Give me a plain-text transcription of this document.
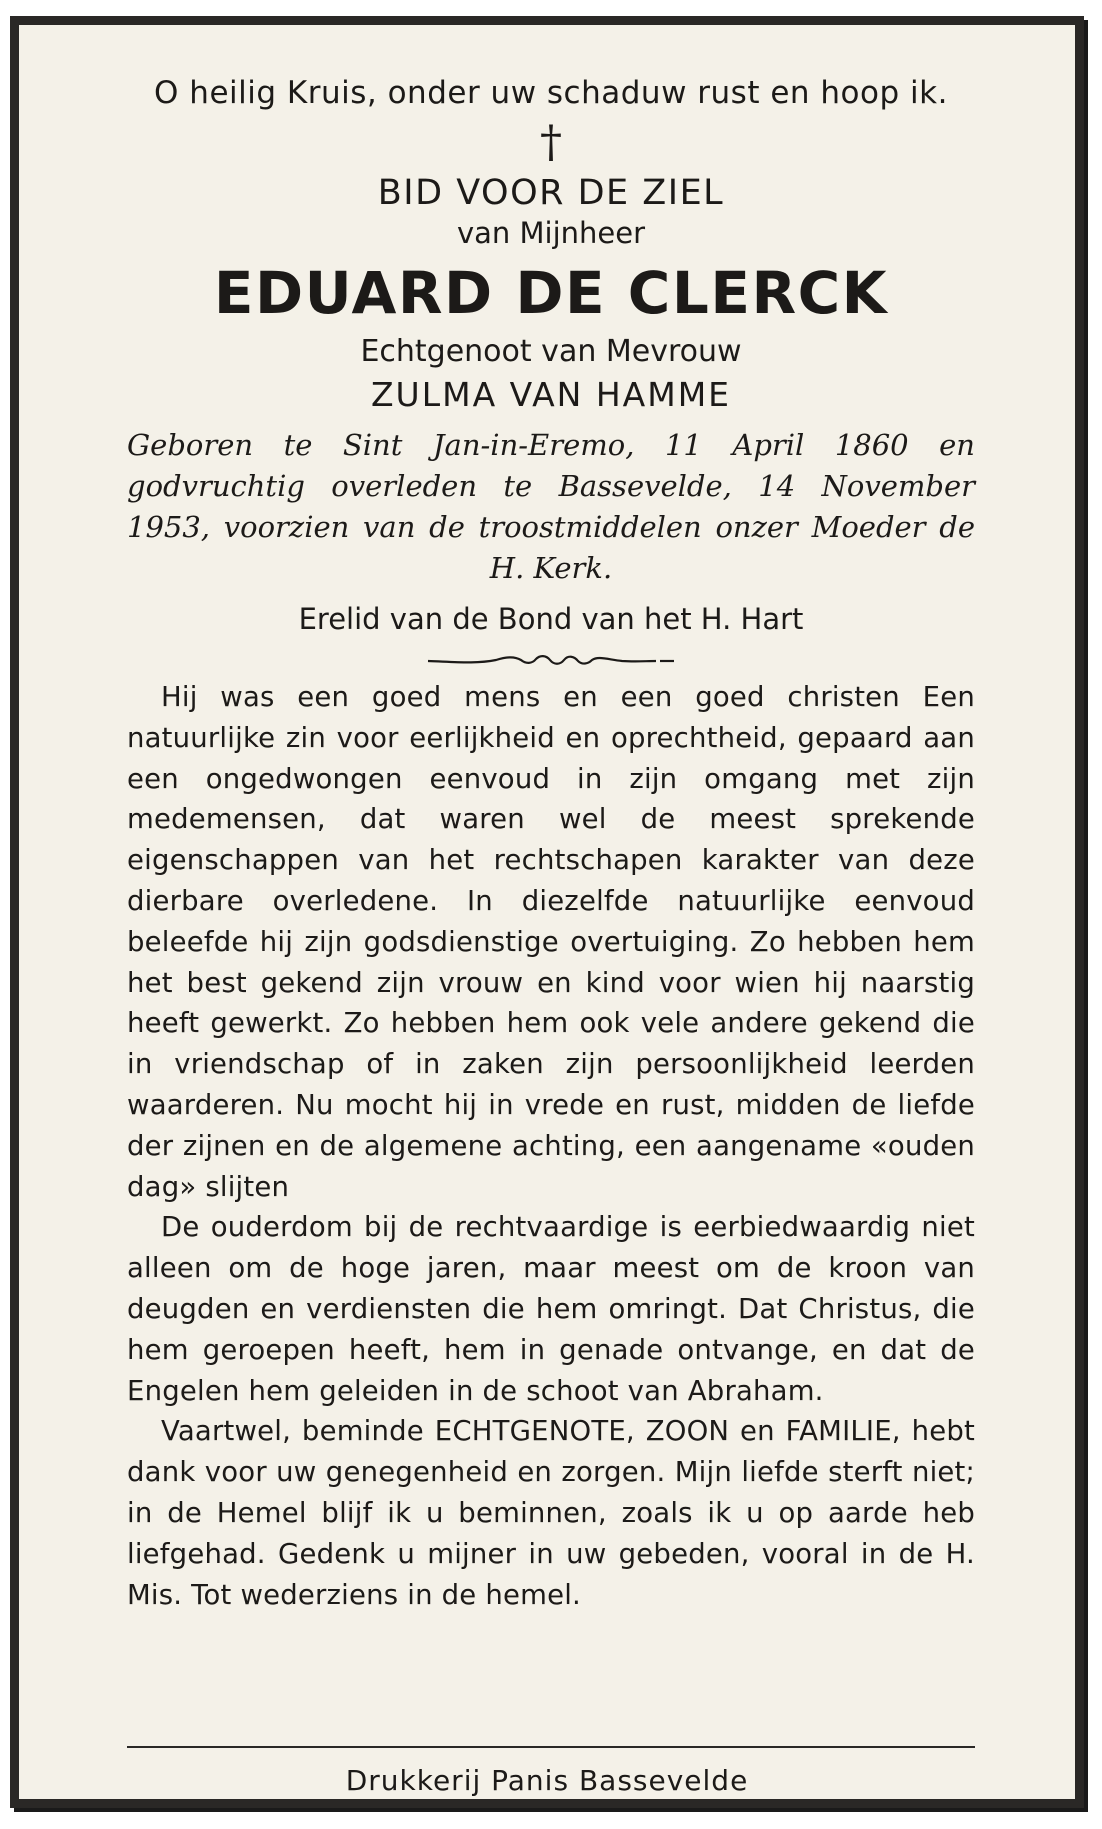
O heilig Kruis, onder uw schaduw rust en hoop ik.
†
BID VOOR DE ZIEL
van Mijnheer
EDUARD DE CLERCK
Echtgenoot van Mevrouw
ZULMA VAN HAMME
Geboren te Sint Jan-in-Eremo, 11 April 1860 en godvruchtig overleden te Bassevelde, 14 November 1953, voorzien van de troostmiddelen onzer Moeder de H. Kerk.
Erelid van de Bond van het H. Hart

Hij was een goed mens en een goed christen Een natuurlijke zin voor eerlijkheid en oprechtheid, gepaard aan een ongedwongen eenvoud in zijn omgang met zijn medemensen, dat waren wel de meest sprekende eigenschappen van het rechtschapen karakter van deze dierbare overledene. In diezelfde natuurlijke eenvoud beleefde hij zijn godsdienstige overtuiging. Zo hebben hem het best gekend zijn vrouw en kind voor wien hij naarstig heeft gewerkt. Zo hebben hem ook vele andere gekend die in vriendschap of in zaken zijn persoonlijkheid leerden waarderen. Nu mocht hij in vrede en rust, midden de liefde der zijnen en de algemene achting, een aangename «ouden dag» slijten

De ouderdom bij de rechtvaardige is eerbiedwaardig niet alleen om de hoge jaren, maar meest om de kroon van deugden en verdiensten die hem omringt. Dat Christus, die hem geroepen heeft, hem in genade ontvange, en dat de Engelen hem geleiden in de schoot van Abraham.

Vaartwel, beminde ECHTGENOTE, ZOON en FAMILIE, hebt dank voor uw genegenheid en zorgen. Mijn liefde sterft niet; in de Hemel blijf ik u beminnen, zoals ik u op aarde heb liefgehad. Gedenk u mijner in uw gebeden, vooral in de H. Mis. Tot wederziens in de hemel.

Drukkerij Panis Bassevelde
